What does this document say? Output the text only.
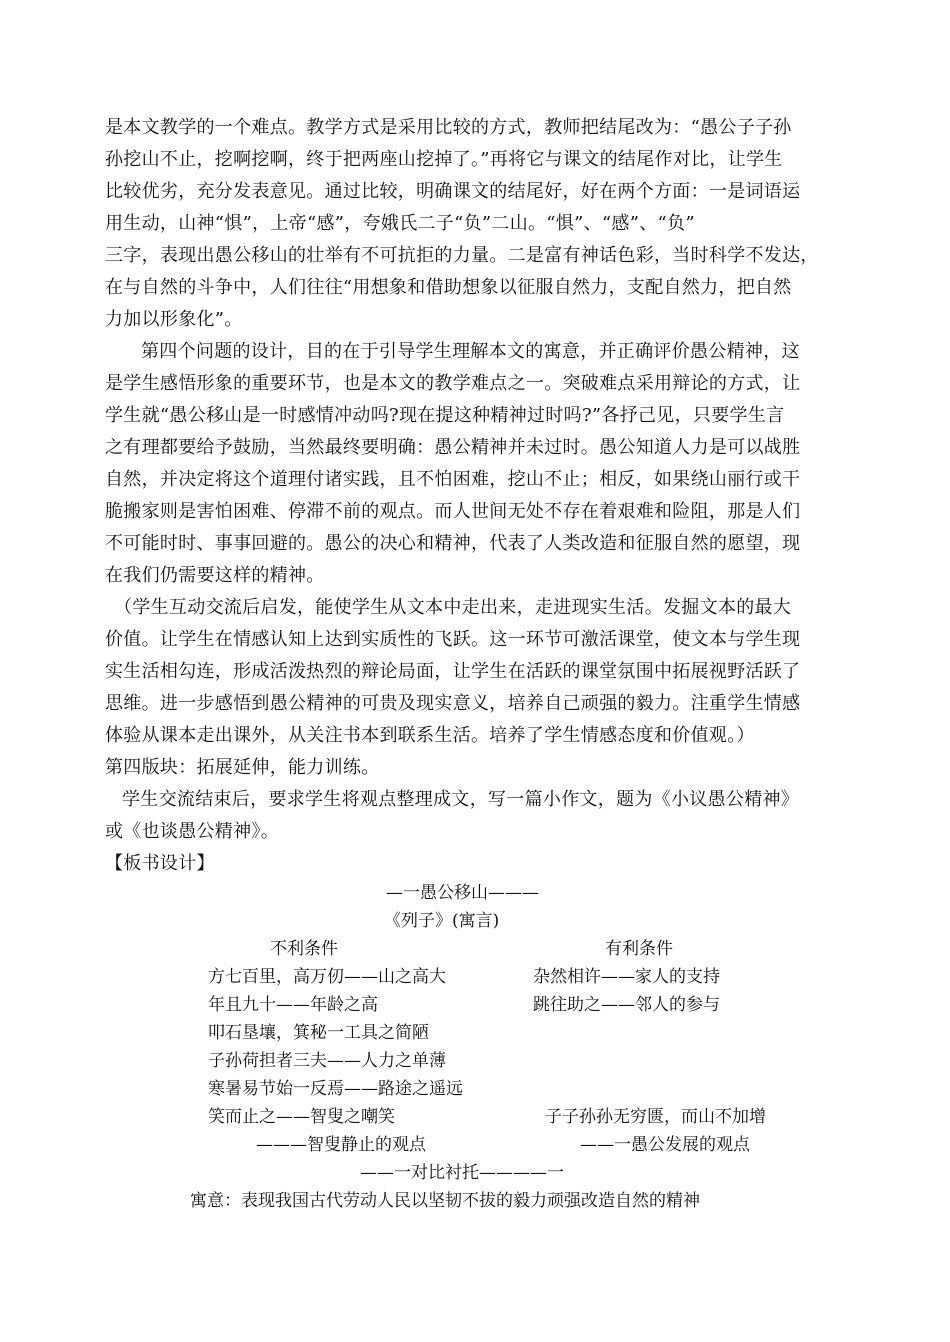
是本文教学的一个难点。教学方式是采用比较的方式，教师把结尾改为：“愚公子子孙
孙挖山不止，挖啊挖啊，终于把两座山挖掉了。”再将它与课文的结尾作对比，让学生
比较优劣，充分发表意见。通过比较，明确课文的结尾好，好在两个方面：一是词语运
用生动，山神“惧”，上帝“感”，夸娥氏二子“负”二山。“惧”、“感”、“负”
三字，表现出愚公移山的壮举有不可抗拒的力量。二是富有神话色彩，当时科学不发达，
在与自然的斗争中，人们往往“用想象和借助想象以征服自然力，支配自然力，把自然
力加以形象化”。
第四个问题的设计，目的在于引导学生理解本文的寓意，并正确评价愚公精神，这
是学生感悟形象的重要环节，也是本文的教学难点之一。突破难点采用辩论的方式，让
学生就“愚公移山是一时感情冲动吗?现在提这种精神过时吗?”各抒己见，只要学生言
之有理都要给予鼓励，当然最终要明确：愚公精神并未过时。愚公知道人力是可以战胜
自然，并决定将这个道理付诸实践，且不怕困难，挖山不止；相反，如果绕山丽行或干
脆搬家则是害怕困难、停滞不前的观点。而人世间无处不存在着艰难和险阻，那是人们
不可能时时、事事回避的。愚公的决心和精神，代表了人类改造和征服自然的愿望，现
在我们仍需要这样的精神。
（学生互动交流后启发，能使学生从文本中走出来，走进现实生活。发掘文本的最大
价值。让学生在情感认知上达到实质性的飞跃。这一环节可激活课堂，使文本与学生现
实生活相勾连，形成活泼热烈的辩论局面，让学生在活跃的课堂氛围中拓展视野活跃了
思维。进一步感悟到愚公精神的可贵及现实意义，培养自己顽强的毅力。注重学生情感
体验从课本走出课外，从关注书本到联系生活。培养了学生情感态度和价值观。）
第四版块：拓展延伸，能力训练。
学生交流结束后，要求学生将观点整理成文，写一篇小作文，题为《小议愚公精神》
或《也谈愚公精神》。
【板书设计】
—一愚公移山———
《列子》(寓言)
不利条件	有利条件
方七百里，高万仞——山之高大
年且九十——年龄之高
叩石垦壤，箕秘一工具之简陋
子孙荷担者三夫——人力之单薄
寒暑易节始一反焉——路途之遥远
笑而止之——智叟之嘲笑
杂然相许——家人的支持
跳往助之——邻人的参与
子子孙孙无穷匮，而山不加增
———智叟静止的观点	——一愚公发展的观点
——一对比衬托————一
寓意：表现我国古代劳动人民以坚韧不拔的毅力顽强改造自然的精神
